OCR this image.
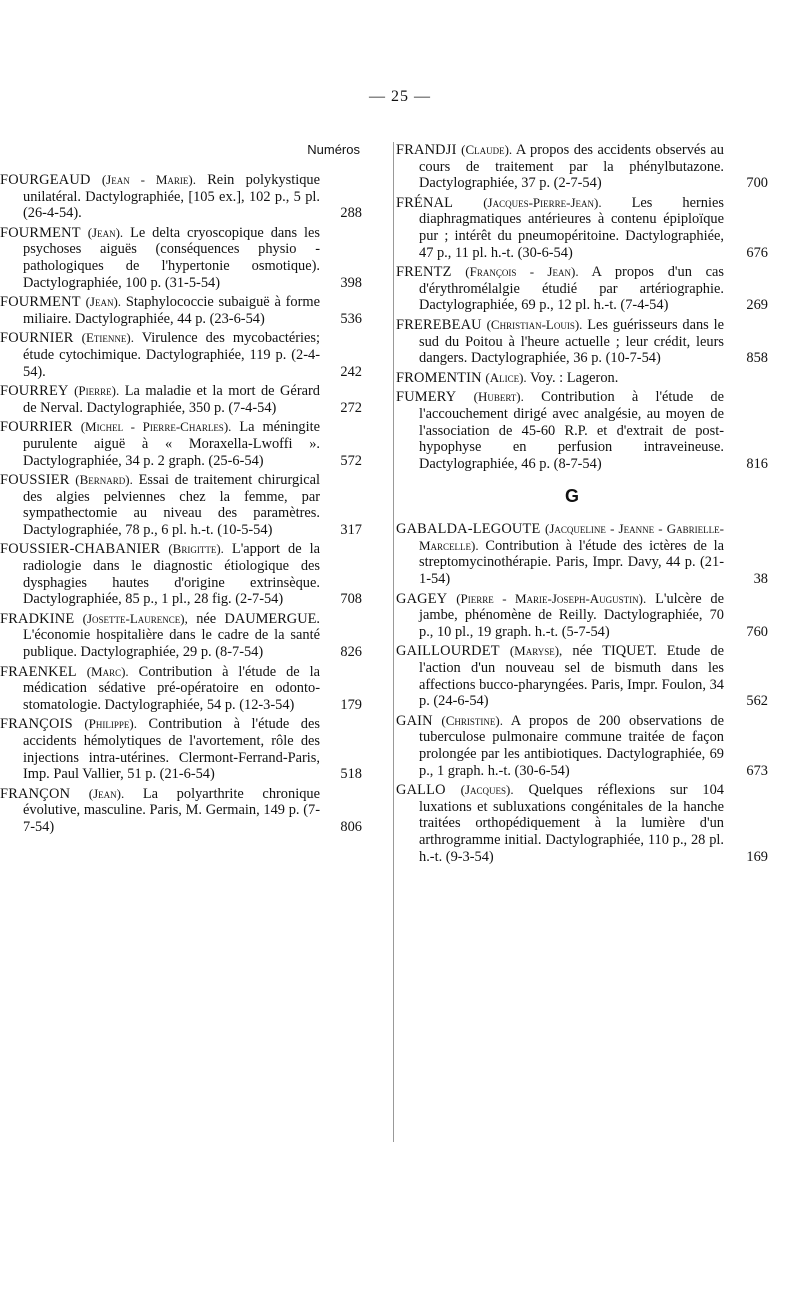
— 25 —
Numéros

FOURGEAUD (Jean - Marie). Rein polykystique unilatéral. Dactylographiée, [105 ex.], 102 p., 5 pl. (26-4-54).	288

FOURMENT (Jean). Le delta cryoscopique dans les psychoses aiguës (conséquences physio - pathologiques de l'hypertonie osmotique). Dactylographiée, 100 p. (31-5-54)	398

FOURMENT (Jean). Staphylococcie subaiguë à forme miliaire. Dactylographiée, 44 p. (23-6-54)	536

FOURNIER (Etienne). Virulence des mycobactéries; étude cytochimique. Dactylographiée, 119 p. (2-4-54).	242

FOURREY (Pierre). La maladie et la mort de Gérard de Nerval. Dactylographiée, 350 p. (7-4-54)	272

FOURRIER (Michel - Pierre-Charles). La méningite purulente aiguë à « Moraxella-Lwoffi ». Dactylographiée, 34 p. 2 graph. (25-6-54)	572

FOUSSIER (Bernard). Essai de traitement chirurgical des algies pelviennes chez la femme, par sympathectomie au niveau des paramètres. Dactylographiée, 78 p., 6 pl. h.-t. (10-5-54)	317

FOUSSIER-CHABANIER (Brigitte). L'apport de la radiologie dans le diagnostic étiologique des dysphagies hautes d'origine extrinsèque. Dactylographiée, 85 p., 1 pl., 28 fig. (2-7-54)	708

FRADKINE (Josette-Laurence), née DAUMERGUE. L'économie hospitalière dans le cadre de la santé publique. Dactylographiée, 29 p. (8-7-54)	826

FRAENKEL (Marc). Contribution à l'étude de la médication sédative pré-opératoire en odonto-stomatologie. Dactylographiée, 54 p. (12-3-54)	179

FRANÇOIS (Philippe). Contribution à l'étude des accidents hémolytiques de l'avortement, rôle des injections intra-utérines. Clermont-Ferrand-Paris, Imp. Paul Vallier, 51 p. (21-6-54)	518

FRANÇON (Jean). La polyarthrite chronique évolutive, masculine. Paris, M. Germain, 149 p. (7-7-54)	806

FRANDJI (Claude). A propos des accidents observés au cours de traitement par la phénylbutazone. Dactylographiée, 37 p. (2-7-54)	700

FRÉNAL (Jacques-Pierre-Jean). Les hernies diaphragmatiques antérieures à contenu épiploïque pur ; intérêt du pneumopéritoine. Dactylographiée, 47 p., 11 pl. h.-t. (30-6-54)	676

FRENTZ (François - Jean). A propos d'un cas d'érythromélalgie étudié par artériographie. Dactylographiée, 69 p., 12 pl. h.-t. (7-4-54)	269

FREREBEAU (Christian-Louis). Les guérisseurs dans le sud du Poitou à l'heure actuelle ; leur crédit, leurs dangers. Dactylographiée, 36 p. (10-7-54)	858

FROMENTIN (Alice). Voy. : Lageron.

FUMERY (Hubert). Contribution à l'étude de l'accouchement dirigé avec analgésie, au moyen de l'association de 45-60 R.P. et d'extrait de post-hypophyse en perfusion intraveineuse. Dactylographiée, 46 p. (8-7-54)	816

G

GABALDA-LEGOUTE (Jacqueline - Jeanne - Gabrielle-Marcelle). Contribution à l'étude des ictères de la streptomycinothérapie. Paris, Impr. Davy, 44 p. (21-1-54)	38

GAGEY (Pierre - Marie-Joseph-Augustin). L'ulcère de jambe, phénomène de Reilly. Dactylographiée, 70 p., 10 pl., 19 graph. h.-t. (5-7-54)	760

GAILLOURDET (Maryse), née TIQUET. Etude de l'action d'un nouveau sel de bismuth dans les affections bucco-pharyngées. Paris, Impr. Foulon, 34 p. (24-6-54)	562

GAIN (Christine). A propos de 200 observations de tuberculose pulmonaire commune traitée de façon prolongée par les antibiotiques. Dactylographiée, 69 p., 1 graph. h.-t. (30-6-54)	673

GALLO (Jacques). Quelques réflexions sur 104 luxations et subluxations congénitales de la hanche traitées orthopédiquement à la lumière d'un arthrogramme initial. Dactylographiée, 110 p., 28 pl. h.-t. (9-3-54)	169
